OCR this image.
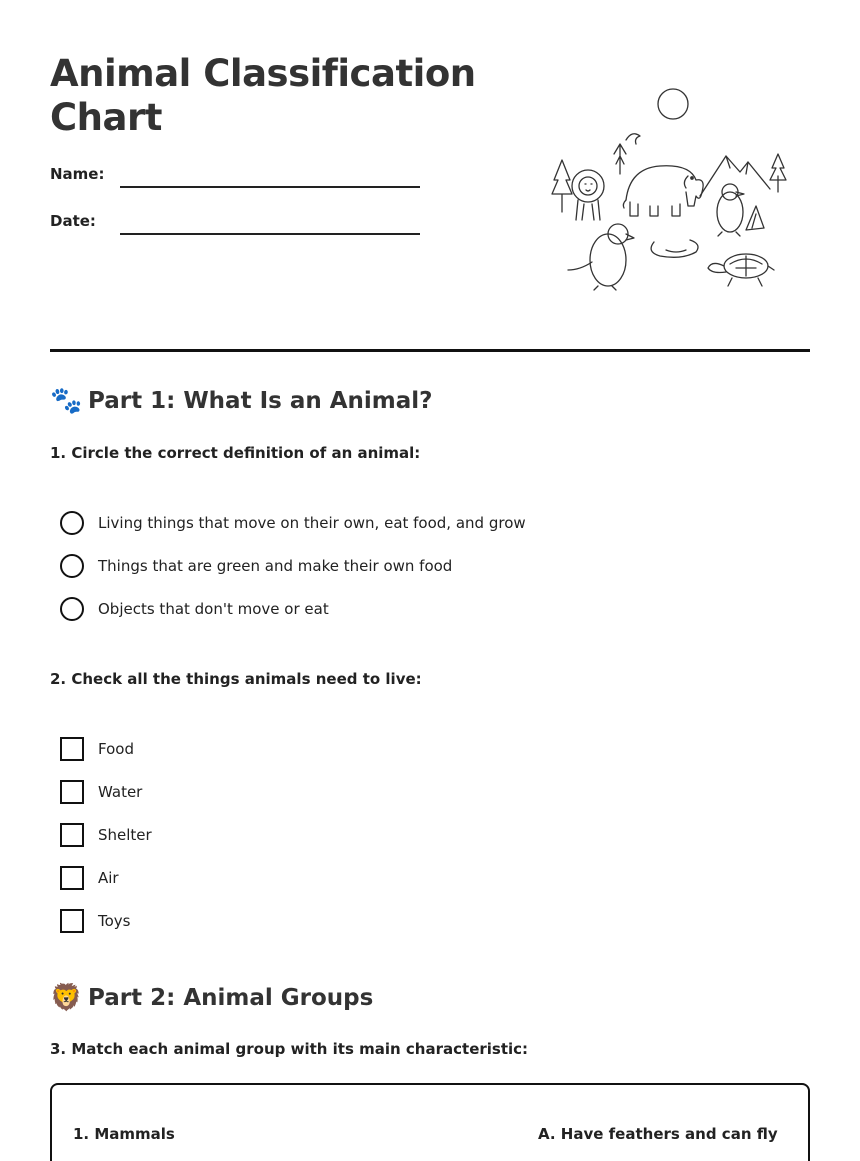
Animal Classification Chart
Name:
Date:
🐾 Part 1: What Is an Animal?

1. Circle the correct definition of an animal:

Living things that move on their own, eat food, and grow
Things that are green and make their own food
Objects that don't move or eat

2. Check all the things animals need to live:

Food
Water
Shelter
Air
Toys
🦁 Part 2: Animal Groups

3. Match each animal group with its main characteristic:

1. Mammals	A. Have feathers and can fly
